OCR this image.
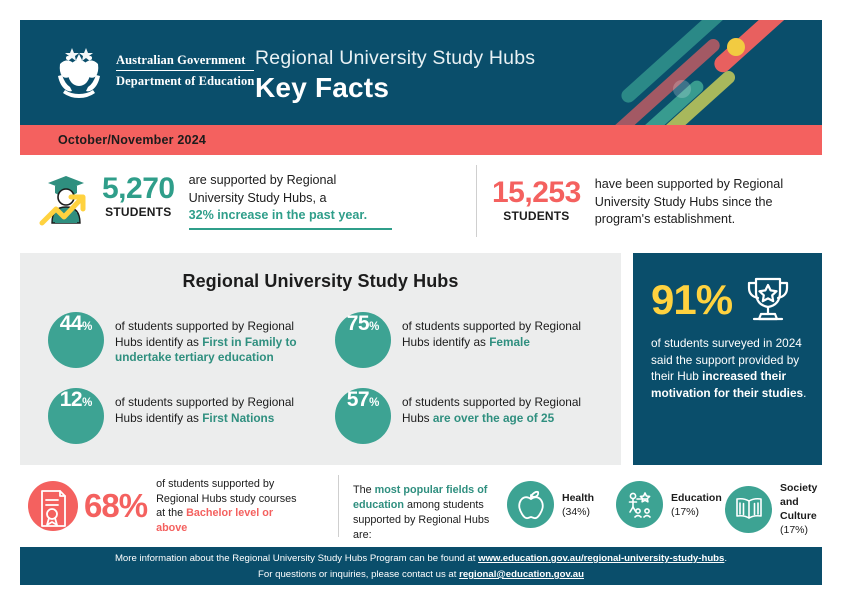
Australian Government
Department of Education
Regional University Study Hubs
Key Facts
October/November 2024
5,270
STUDENTS
are supported by Regional
University Study Hubs, a
32% increase in the past year.
15,253
STUDENTS
have been supported by Regional
University Study Hubs since the
program's establishment.
Regional University Study Hubs
44 % of students supported by Regional Hubs identify as First in Family to undertake tertiary education
12 % of students supported by Regional Hubs identify as First Nations
75 % of students supported by Regional Hubs identify as Female
57 % of students supported by Regional Hubs are over the age of 25
91%
of students surveyed in 2024 said the support provided by their Hub increased their motivation for their studies.
68%
of students supported by Regional Hubs study courses at the Bachelor level or above
The most popular fields of education among students supported by Regional Hubs are:
Health
(34%)
Education
(17%)
Society and Culture (17%)
More information about the Regional University Study Hubs Program can be found at www.education.gov.au/regional-university-study-hubs.
For questions or inquiries, please contact us at regional@education.gov.au
